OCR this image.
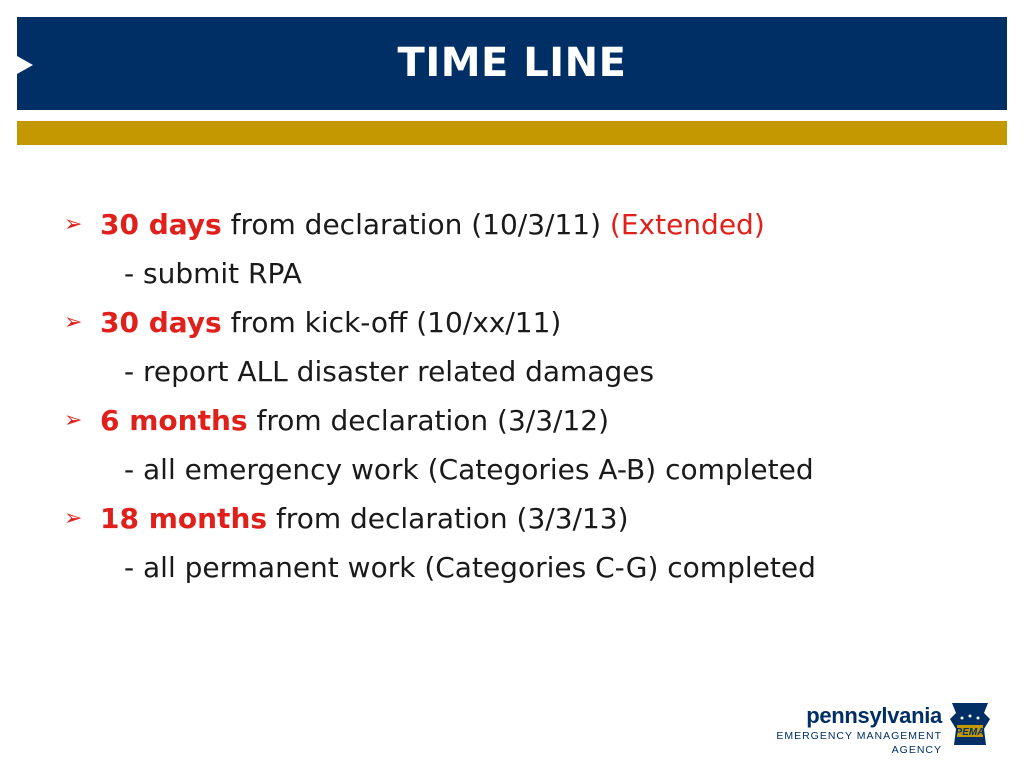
TIME LINE
➢ 30 days from declaration (10/3/11) (Extended)
- submit RPA
➢ 30 days from kick-off (10/xx/11)
- report ALL disaster related damages
➢ 6 months from declaration (3/3/12)
- all emergency work (Categories A-B) completed
➢ 18 months from declaration (3/3/13)
- all permanent work (Categories C-G) completed
pennsylvania
EMERGENCY MANAGEMENT AGENCY
PEMA
